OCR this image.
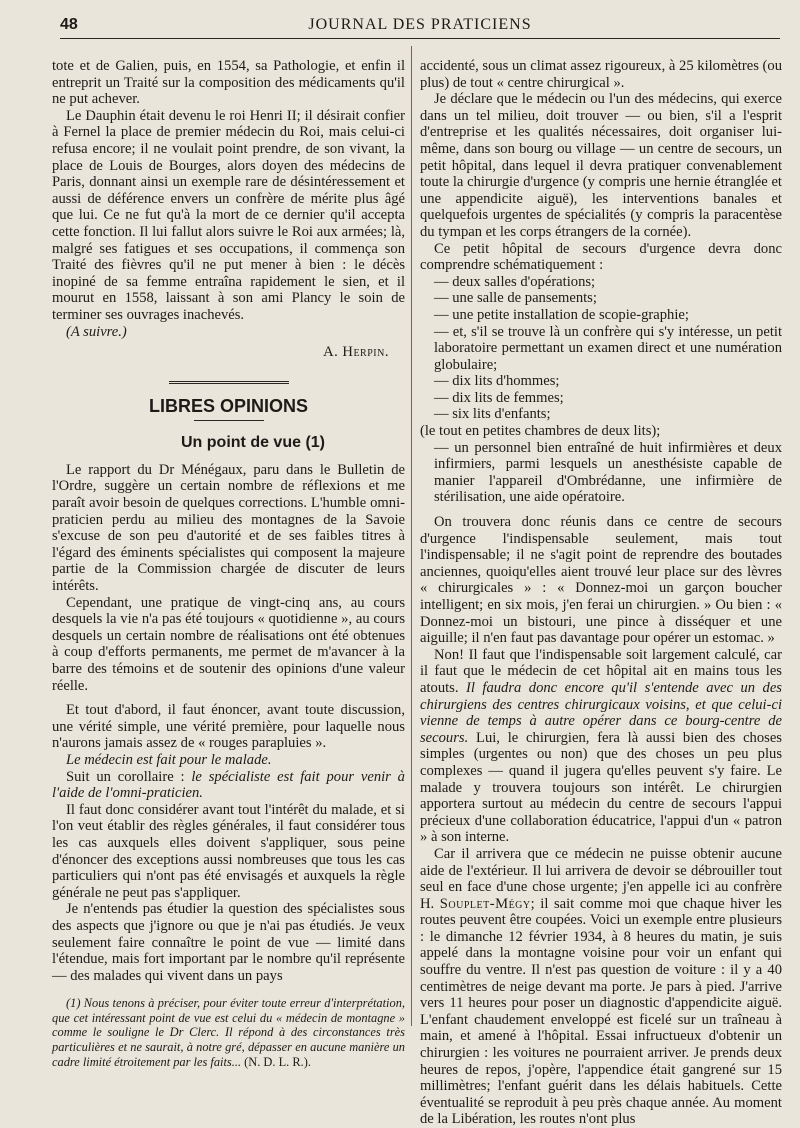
48	JOURNAL DES PRATICIENS

tote et de Galien, puis, en 1554, sa Pathologie, et enfin il entreprit un Traité sur la composition des médicaments qu'il ne put achever.

Le Dauphin était devenu le roi Henri II; il désirait confier à Fernel la place de premier médecin du Roi, mais celui-ci refusa encore; il ne voulait point prendre, de son vivant, la place de Louis de Bourges, alors doyen des médecins de Paris, donnant ainsi un exemple rare de désintéressement et aussi de déférence envers un confrère de mérite plus âgé que lui. Ce ne fut qu'à la mort de ce dernier qu'il accepta cette fonction. Il lui fallut alors suivre le Roi aux armées; là, malgré ses fatigues et ses occupations, il commença son Traité des fièvres qu'il ne put mener à bien : le décès inopiné de sa femme entraîna rapidement le sien, et il mourut en 1558, laissant à son ami Plancy le soin de terminer ses ouvrages inachevés.

(A suivre.)

A. Herpin.
LIBRES OPINIONS
Un point de vue (1)

Le rapport du Dr Ménégaux, paru dans le Bulletin de l'Ordre, suggère un certain nombre de réflexions et me paraît avoir besoin de quelques corrections. L'humble omni-praticien perdu au milieu des montagnes de la Savoie s'excuse de son peu d'autorité et de ses faibles titres à l'égard des éminents spécialistes qui composent la majeure partie de la Commission chargée de discuter de leurs intérêts.

Cependant, une pratique de vingt-cinq ans, au cours desquels la vie n'a pas été toujours « quotidienne », au cours desquels un certain nombre de réalisations ont été obtenues à coup d'efforts permanents, me permet de m'avancer à la barre des témoins et de soutenir des opinions d'une valeur réelle.

Et tout d'abord, il faut énoncer, avant toute discussion, une vérité simple, une vérité première, pour laquelle nous n'aurons jamais assez de « rouges parapluies ».

Le médecin est fait pour le malade.

Suit un corollaire : le spécialiste est fait pour venir à l'aide de l'omni-praticien.

Il faut donc considérer avant tout l'intérêt du malade, et si l'on veut établir des règles générales, il faut considérer tous les cas auxquels elles doivent s'appliquer, sous peine d'énoncer des exceptions aussi nombreuses que tous les cas particuliers qui n'ont pas été envisagés et auxquels la règle générale ne peut pas s'appliquer.

Je n'entends pas étudier la question des spécialistes sous des aspects que j'ignore ou que je n'ai pas étudiés. Je veux seulement faire connaître le point de vue — limité dans l'étendue, mais fort important par le nombre qu'il représente — des malades qui vivent dans un pays

(1) Nous tenons à préciser, pour éviter toute erreur d'interprétation, que cet intéressant point de vue est celui du « médecin de montagne » comme le souligne le Dr Clerc. Il répond à des circonstances très particulières et ne saurait, à notre gré, dépasser en aucune manière un cadre limité étroitement par les faits... (N. D. L. R.).

accidenté, sous un climat assez rigoureux, à 25 kilomètres (ou plus) de tout « centre chirurgical ».

Je déclare que le médecin ou l'un des médecins, qui exerce dans un tel milieu, doit trouver — ou bien, s'il a l'esprit d'entreprise et les qualités nécessaires, doit organiser lui-même, dans son bourg ou village — un centre de secours, un petit hôpital, dans lequel il devra pratiquer convenablement toute la chirurgie d'urgence (y compris une hernie étranglée et une appendicite aiguë), les interventions banales et quelquefois urgentes de spécialités (y compris la paracentèse du tympan et les corps étrangers de la cornée).

Ce petit hôpital de secours d'urgence devra donc comprendre schématiquement :

— deux salles d'opérations;

— une salle de pansements;

— une petite installation de scopie-graphie;

— et, s'il se trouve là un confrère qui s'y intéresse, un petit laboratoire permettant un examen direct et une numération globulaire;

— dix lits d'hommes;

— dix lits de femmes;

— six lits d'enfants;

(le tout en petites chambres de deux lits);

— un personnel bien entraîné de huit infirmières et deux infirmiers, parmi lesquels un anesthésiste capable de manier l'appareil d'Ombrédanne, une infirmière de stérilisation, une aide opératoire.

On trouvera donc réunis dans ce centre de secours d'urgence l'indispensable seulement, mais tout l'indispensable; il ne s'agit point de reprendre des boutades anciennes, quoiqu'elles aient trouvé leur place sur des lèvres « chirurgicales » : « Donnez-moi un garçon boucher intelligent; en six mois, j'en ferai un chirurgien. » Ou bien : « Donnez-moi un bistouri, une pince à disséquer et une aiguille; il n'en faut pas davantage pour opérer un estomac. »

Non! Il faut que l'indispensable soit largement calculé, car il faut que le médecin de cet hôpital ait en mains tous les atouts. Il faudra donc encore qu'il s'entende avec un des chirurgiens des centres chirurgicaux voisins, et que celui-ci vienne de temps à autre opérer dans ce bourg-centre de secours. Lui, le chirurgien, fera là aussi bien des choses simples (urgentes ou non) que des choses un peu plus complexes — quand il jugera qu'elles peuvent s'y faire. Le malade y trouvera toujours son intérêt. Le chirurgien apportera surtout au médecin du centre de secours l'appui précieux d'une collaboration éducatrice, l'appui d'un « patron » à son interne.

Car il arrivera que ce médecin ne puisse obtenir aucune aide de l'extérieur. Il lui arrivera de devoir se débrouiller tout seul en face d'une chose urgente; j'en appelle ici au confrère H. Souplet-Mégy; il sait comme moi que chaque hiver les routes peuvent être coupées. Voici un exemple entre plusieurs : le dimanche 12 février 1934, à 8 heures du matin, je suis appelé dans la montagne voisine pour voir un enfant qui souffre du ventre. Il n'est pas question de voiture : il y a 40 centimètres de neige devant ma porte. Je pars à pied. J'arrive vers 11 heures pour poser un diagnostic d'appendicite aiguë. L'enfant chaudement enveloppé est ficelé sur un traîneau à main, et amené à l'hôpital. Essai infructueux d'obtenir un chirurgien : les voitures ne pourraient arriver. Je prends deux heures de repos, j'opère, l'appendice était gangrené sur 15 millimètres; l'enfant guérit dans les délais habituels. Cette éventualité se reproduit à peu près chaque année. Au moment de la Libération, les routes n'ont plus
